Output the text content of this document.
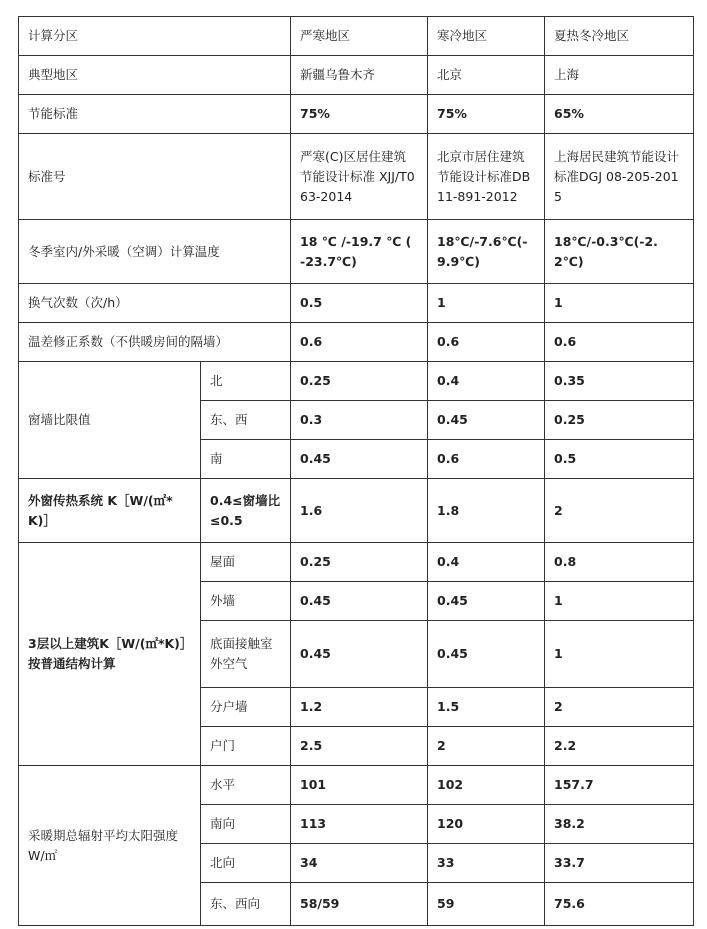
计算分区		严寒地区	寒冷地区	夏热冬冷地区
典型地区		新疆乌鲁木齐	北京	上海
节能标准		75%	75%	65%
标准号		严寒(C)区居住建筑节能设计标准 XJJ/T063-2014	北京市居住建筑节能设计标准DB11-891-2012	上海居民建筑节能设计标准DGJ 08-205-2015
冬季室内/外采暖（空调）计算温度		18 ℃ /-19.7 ℃ ( -23.7℃)	18℃/-7.6℃(-9.9℃)	18℃/-0.3℃(-2.2℃)
换气次数（次/h）		0.5	1	1
温差修正系数（不供暖房间的隔墙）		0.6	0.6	0.6
窗墙比限值	北	0.25	0.4	0.35
	东、西	0.3	0.45	0.25
	南	0.45	0.6	0.5
外窗传热系统 K［W/(㎡*K)］	0.4≤窗墙比≤0.5	1.6	1.8	2
3层以上建筑K［W/(㎡*K)］按普通结构计算	屋面	0.25	0.4	0.8
	外墙	0.45	0.45	1
	底面接触室外空气	0.45	0.45	1
	分户墙	1.2	1.5	2
	户门	2.5	2	2.2
采暖期总辐射平均太阳强度W/㎡	水平	101	102	157.7
	南向	113	120	38.2
	北向	34	33	33.7
	东、西向	58/59	59	75.6
